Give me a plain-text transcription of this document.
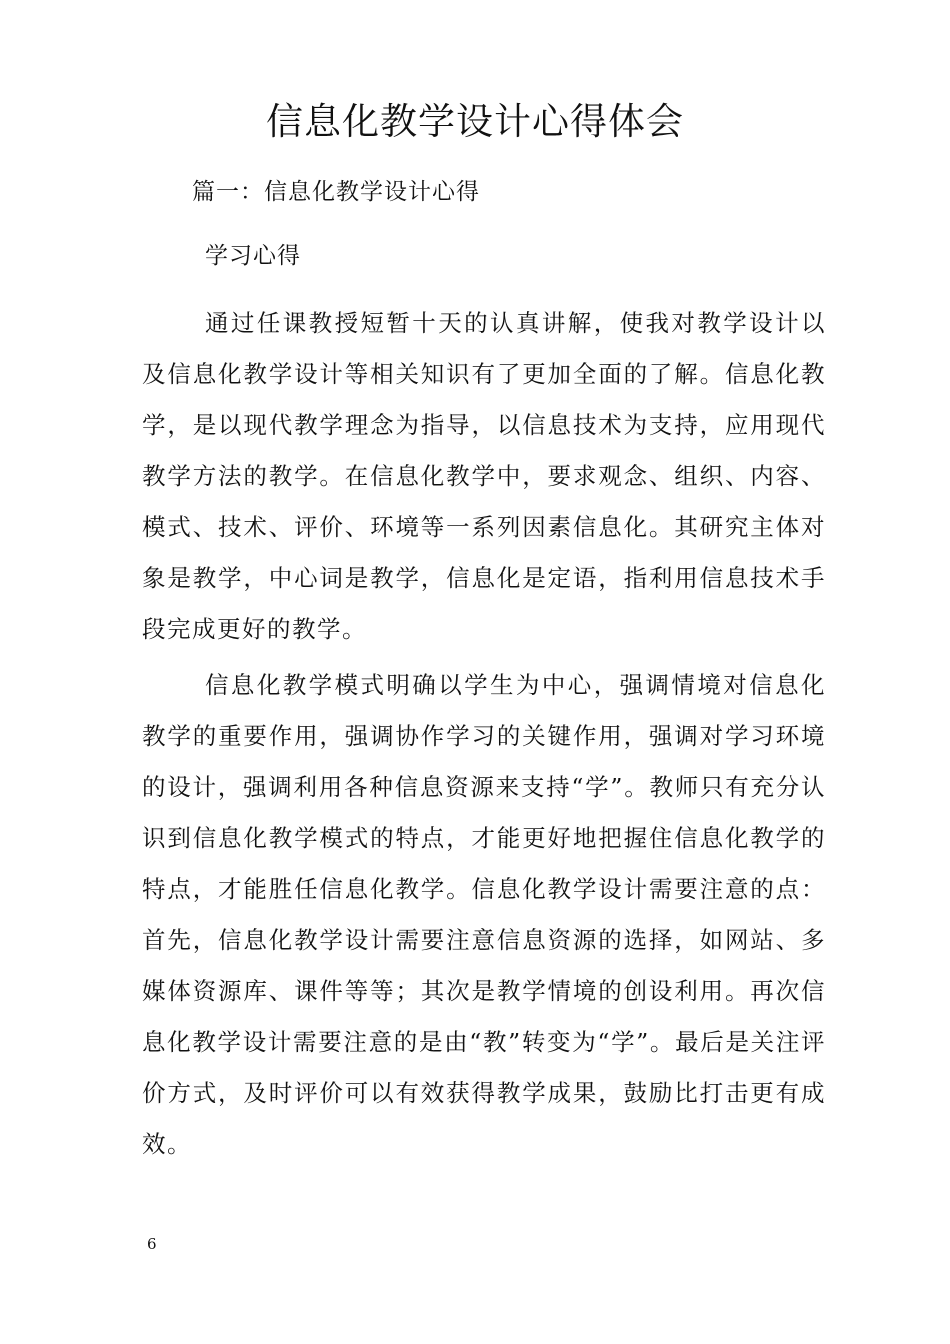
信息化教学设计心得体会
篇一：信息化教学设计心得
学习心得

通过任课教授短暂十天的认真讲解，使我对教学设计以及信息化教学设计等相关知识有了更加全面的了解。信息化教学，是以现代教学理念为指导，以信息技术为支持，应用现代教学方法的教学。在信息化教学中，要求观念、组织、内容、模式、技术、评价、环境等一系列因素信息化。其研究主体对象是教学，中心词是教学，信息化是定语，指利用信息技术手段完成更好的教学。

信息化教学模式明确以学生为中心，强调情境对信息化教学的重要作用，强调协作学习的关键作用，强调对学习环境的设计，强调利用各种信息资源来支持“学”。教师只有充分认识到信息化教学模式的特点，才能更好地把握住信息化教学的特点，才能胜任信息化教学。信息化教学设计需要注意的点：首先，信息化教学设计需要注意信息资源的选择，如网站、多媒体资源库、课件等等；其次是教学情境的创设利用。再次信息化教学设计需要注意的是由“教”转变为“学”。最后是关注评价方式，及时评价可以有效获得教学成果，鼓励比打击更有成效。

6
